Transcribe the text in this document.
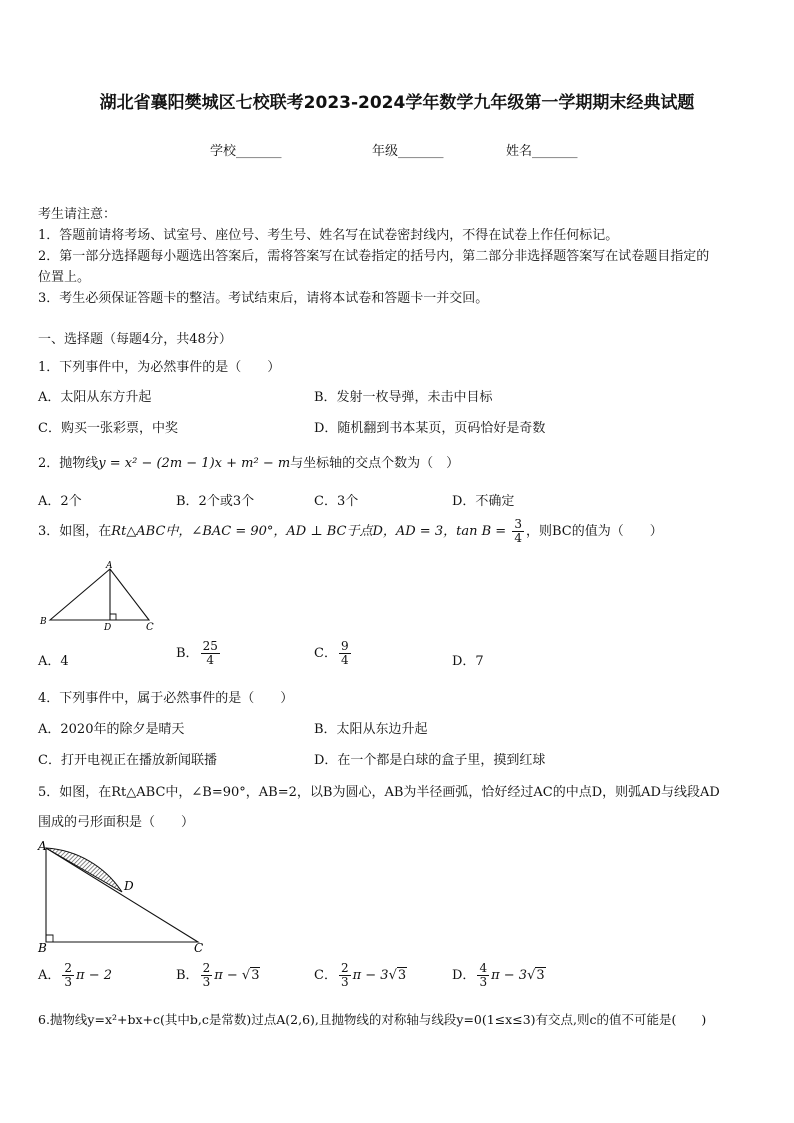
湖北省襄阳樊城区七校联考2023-2024学年数学九年级第一学期期末经典试题
学校_______	年级_______	姓名_______
考生请注意：
1．答题前请将考场、试室号、座位号、考生号、姓名写在试卷密封线内，不得在试卷上作任何标记。
2．第一部分选择题每小题选出答案后，需将答案写在试卷指定的括号内，第二部分非选择题答案写在试卷题目指定的
位置上。
3．考生必须保证答题卡的整洁。考试结束后，请将本试卷和答题卡一并交回。
一、选择题（每题4分，共48分）
1．下列事件中，为必然事件的是（　　）
A．太阳从东方升起	B．发射一枚导弹，未击中目标
C．购买一张彩票，中奖	D．随机翻到书本某页，页码恰好是奇数
2．抛物线y = x² − (2m − 1)x + m² − m与坐标轴的交点个数为（　）
A．2个	B．2个或3个	C．3个	D．不确定
3．如图，在Rt△ABC中，∠BAC = 90°，AD ⊥ BC于点D，AD = 3，$\tan B = \frac{3}{4}$ ，则BC的值为（　　）
A
B
D	C
A．4
B． $\frac{25}{4}$	C． $\frac{9}{4}$	D．7
4．下列事件中，属于必然事件的是（　　）
A．2020年的除夕是晴天	B．太阳从东边升起
C．打开电视正在播放新闻联播	D．在一个都是白球的盒子里，摸到红球
5．如图，在Rt△ABC中，∠B=90°，AB=2，以B为圆心，AB为半径画弧，恰好经过AC的中点D，则弧AD与线段AD
围成的弓形面积是（　　）
A
D
B	C
A． $\frac{2}{3}$ π − 2	B． $\frac{2}{3}$ π − √3	C． $\frac{2}{3}$ π − 3√3	D． $\frac{4}{3}$ π − 3√3
6.抛物线y=x²+bx+c(其中b,c是常数)过点A(2,6),且抛物线的对称轴与线段y=0(1≤x≤3)有交点,则c的值不可能是(　　)
